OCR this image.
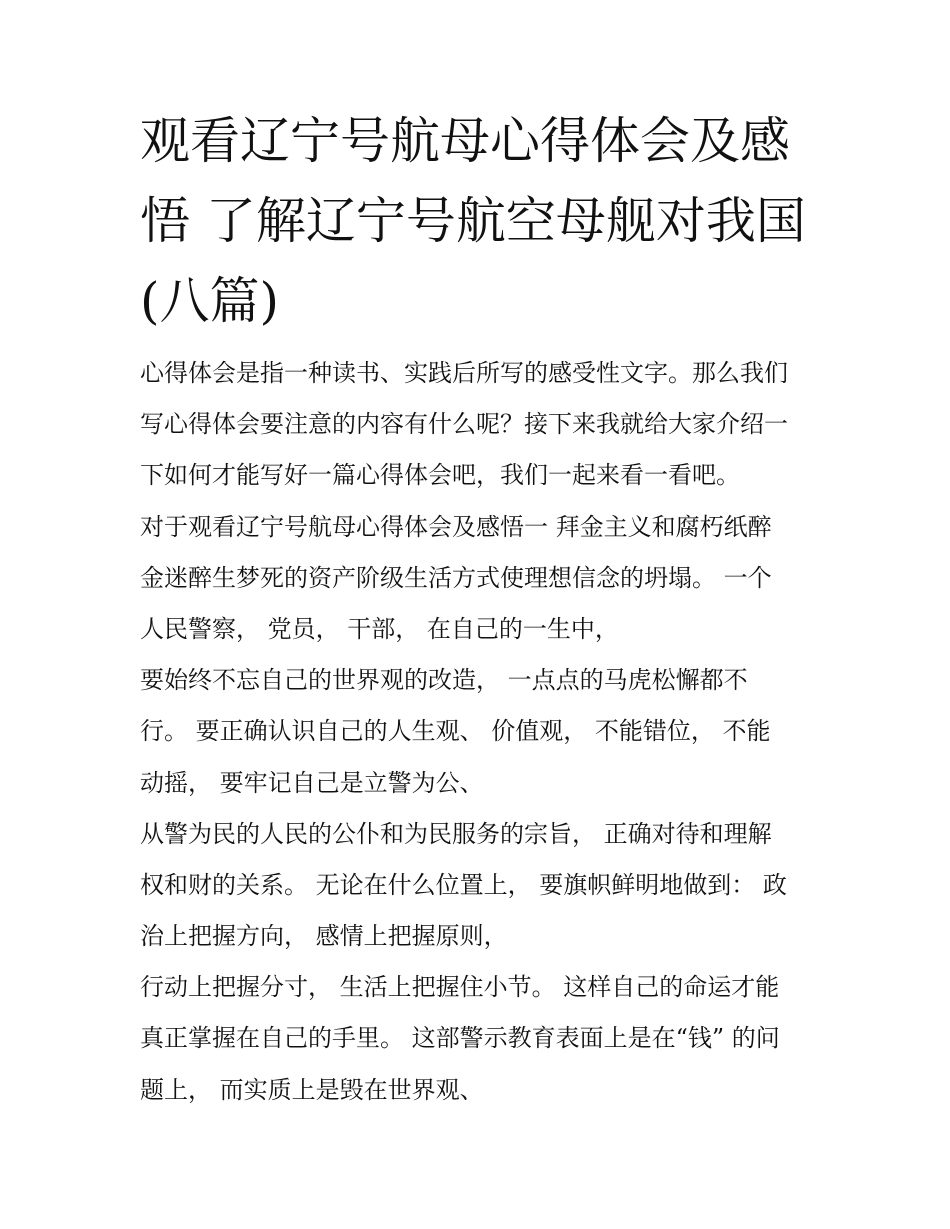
观看辽宁号航母心得体会及感
悟 了解辽宁号航空母舰对我国
(八篇)
心得体会是指一种读书、实践后所写的感受性文字。那么我们
写心得体会要注意的内容有什么呢？接下来我就给大家介绍一
下如何才能写好一篇心得体会吧，我们一起来看一看吧。
对于观看辽宁号航母心得体会及感悟一 拜金主义和腐朽纸醉
金迷醉生梦死的资产阶级生活方式使理想信念的坍塌。 一个
人民警察， 党员， 干部， 在自己的一生中，
要始终不忘自己的世界观的改造， 一点点的马虎松懈都不
行。 要正确认识自己的人生观、 价值观， 不能错位， 不能
动摇， 要牢记自己是立警为公、
从警为民的人民的公仆和为民服务的宗旨， 正确对待和理解
权和财的关系。 无论在什么位置上， 要旗帜鲜明地做到： 政
治上把握方向， 感情上把握原则，
行动上把握分寸， 生活上把握住小节。 这样自己的命运才能
真正掌握在自己的手里。 这部警示教育表面上是在“钱” 的问
题上， 而实质上是毁在世界观、
